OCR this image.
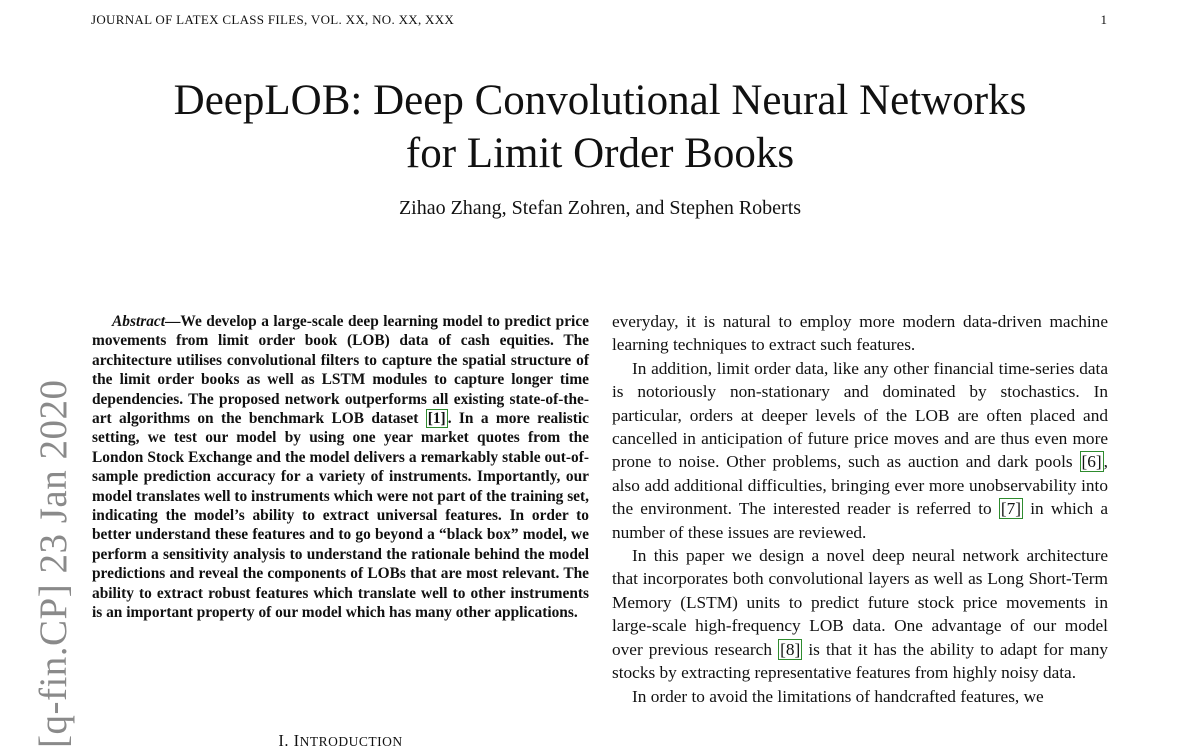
JOURNAL OF LATEX CLASS FILES, VOL. XX, NO. XX, XXX	1
DeepLOB: Deep Convolutional Neural Networks
for Limit Order Books
Zihao Zhang, Stefan Zohren, and Stephen Roberts
[q-fin.CP] 23 Jan 2020

Abstract—We develop a large-scale deep learning model to predict price movements from limit order book (LOB) data of cash equities. The architecture utilises convolutional filters to capture the spatial structure of the limit order books as well as LSTM modules to capture longer time dependencies. The proposed network outperforms all existing state-of-the-art algorithms on the benchmark LOB dataset [1] . In a more realistic setting, we test our model by using one year market quotes from the London Stock Exchange and the model delivers a remarkably stable out-of-sample prediction accuracy for a variety of instruments. Importantly, our model translates well to instruments which were not part of the training set, indicating the model’s ability to extract universal features. In order to better understand these features and to go beyond a “black box” model, we perform a sensitivity analysis to understand the rationale behind the model predictions and reveal the components of LOBs that are most relevant. The ability to extract robust features which translate well to other instruments is an important property of our model which has many other applications.

I. INTRODUCTION

everyday, it is natural to employ more modern data-driven machine learning techniques to extract such features.

In addition, limit order data, like any other financial time-series data is notoriously non-stationary and dominated by stochastics. In particular, orders at deeper levels of the LOB are often placed and cancelled in anticipation of future price moves and are thus even more prone to noise. Other problems, such as auction and dark pools [6] , also add additional difficulties, bringing ever more unobservability into the environment. The interested reader is referred to [7] in which a number of these issues are reviewed.

In this paper we design a novel deep neural network architecture that incorporates both convolutional layers as well as Long Short-Term Memory (LSTM) units to predict future stock price movements in large-scale high-frequency LOB data. One advantage of our model over previous research [8] is that it has the ability to adapt for many stocks by extracting representative features from highly noisy data.

In order to avoid the limitations of handcrafted features, we
